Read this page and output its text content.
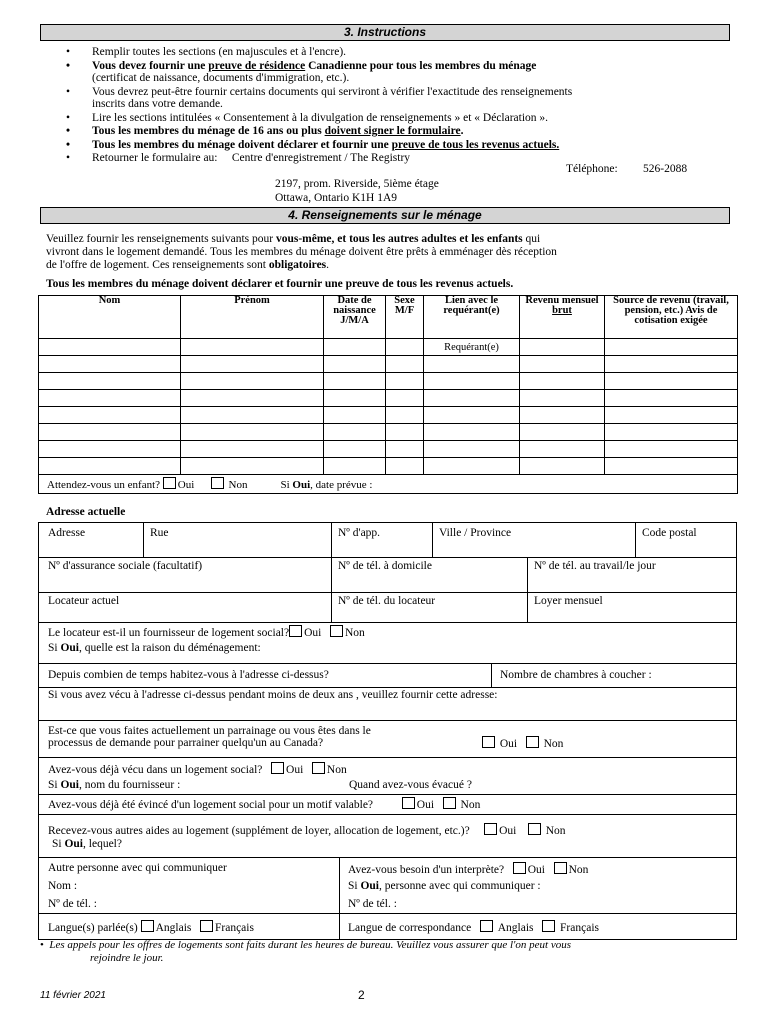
3. Instructions
• Remplir toutes les sections (en majuscules et à l'encre).
• Vous devez fournir une preuve de résidence Canadienne pour tous les membres du ménage
(certificat de naissance, documents d'immigration, etc.).
• Vous devrez peut-être fournir certains documents qui serviront à vérifier l'exactitude des renseignements
inscrits dans votre demande.
• Lire les sections intitulées « Consentement à la divulgation de renseignements » et « Déclaration ».
• Tous les membres du ménage de 16 ans ou plus doivent signer le formulaire.
• Tous les membres du ménage doivent déclarer et fournir une preuve de tous les revenus actuels.
• Retourner le formulaire au: Centre d'enregistrement / The Registry
2197, prom. Riverside, 5ième étage
Ottawa, Ontario K1H 1A9
Téléphone: 526-2088
4. Renseignements sur le ménage
Veuillez fournir les renseignements suivants pour vous-même, et tous les autres adultes et les enfants qui
vivront dans le logement demandé. Tous les membres du ménage doivent être prêts à emménager dès réception
de l'offre de logement. Ces renseignements sont obligatoires.
Tous les membres du ménage doivent déclarer et fournir une preuve de tous les revenus actuels.
Nom	Prénom	Date de naissance J/M/A	Sexe M/F	Lien avec le requérant(e)	Revenu mensuel brut	Source de revenu (travail, pension, etc.) Avis de cotisation exigée
				Requérant(e)		

Attendez-vous un enfant? Oui Non Si Oui, date prévue :						
Adresse actuelle
Adresse	Rue	Nº d'app.	Ville / Province	Code postal
Nº d'assurance sociale (facultatif)	Nº de tél. à domicile	Nº de tél. au travail/le jour
Locateur actuel	Nº de tél. du locateur	Loyer mensuel
Le locateur est-il un fournisseur de logement social? Oui Non
Si Oui, quelle est la raison du déménagement:
Depuis combien de temps habitez-vous à l'adresse ci-dessus?	Nombre de chambres à coucher :
Si vous avez vécu à l'adresse ci-dessus pendant moins de deux ans , veuillez fournir cette adresse:
Est-ce que vous faites actuellement un parrainage ou vous êtes dans le
processus de demande pour parrainer quelqu'un au Canada?	Oui Non
Avez-vous déjà vécu dans un logement social? Oui Non
Si Oui, nom du fournisseur :	Quand avez-vous évacué ?
Avez-vous déjà été évincé d'un logement social pour un motif valable?	Oui Non
Recevez-vous autres aides au logement (supplément de loyer, allocation de logement, etc.)?	Oui	Non
Si Oui, lequel?
Autre personne avec qui communiquer
Nom :
Nº de tél. :
Avez-vous besoin d'un interprète? Oui Non
Si Oui, personne avec qui communiquer :
Nº de tél. :
Langue(s) parlée(s) Anglais Français	Langue de correspondance Anglais Français
• Les appels pour les offres de logements sont faits durant les heures de bureau. Veuillez vous assurer que l'on peut vous
rejoindre le jour.
11 février 2021	2
